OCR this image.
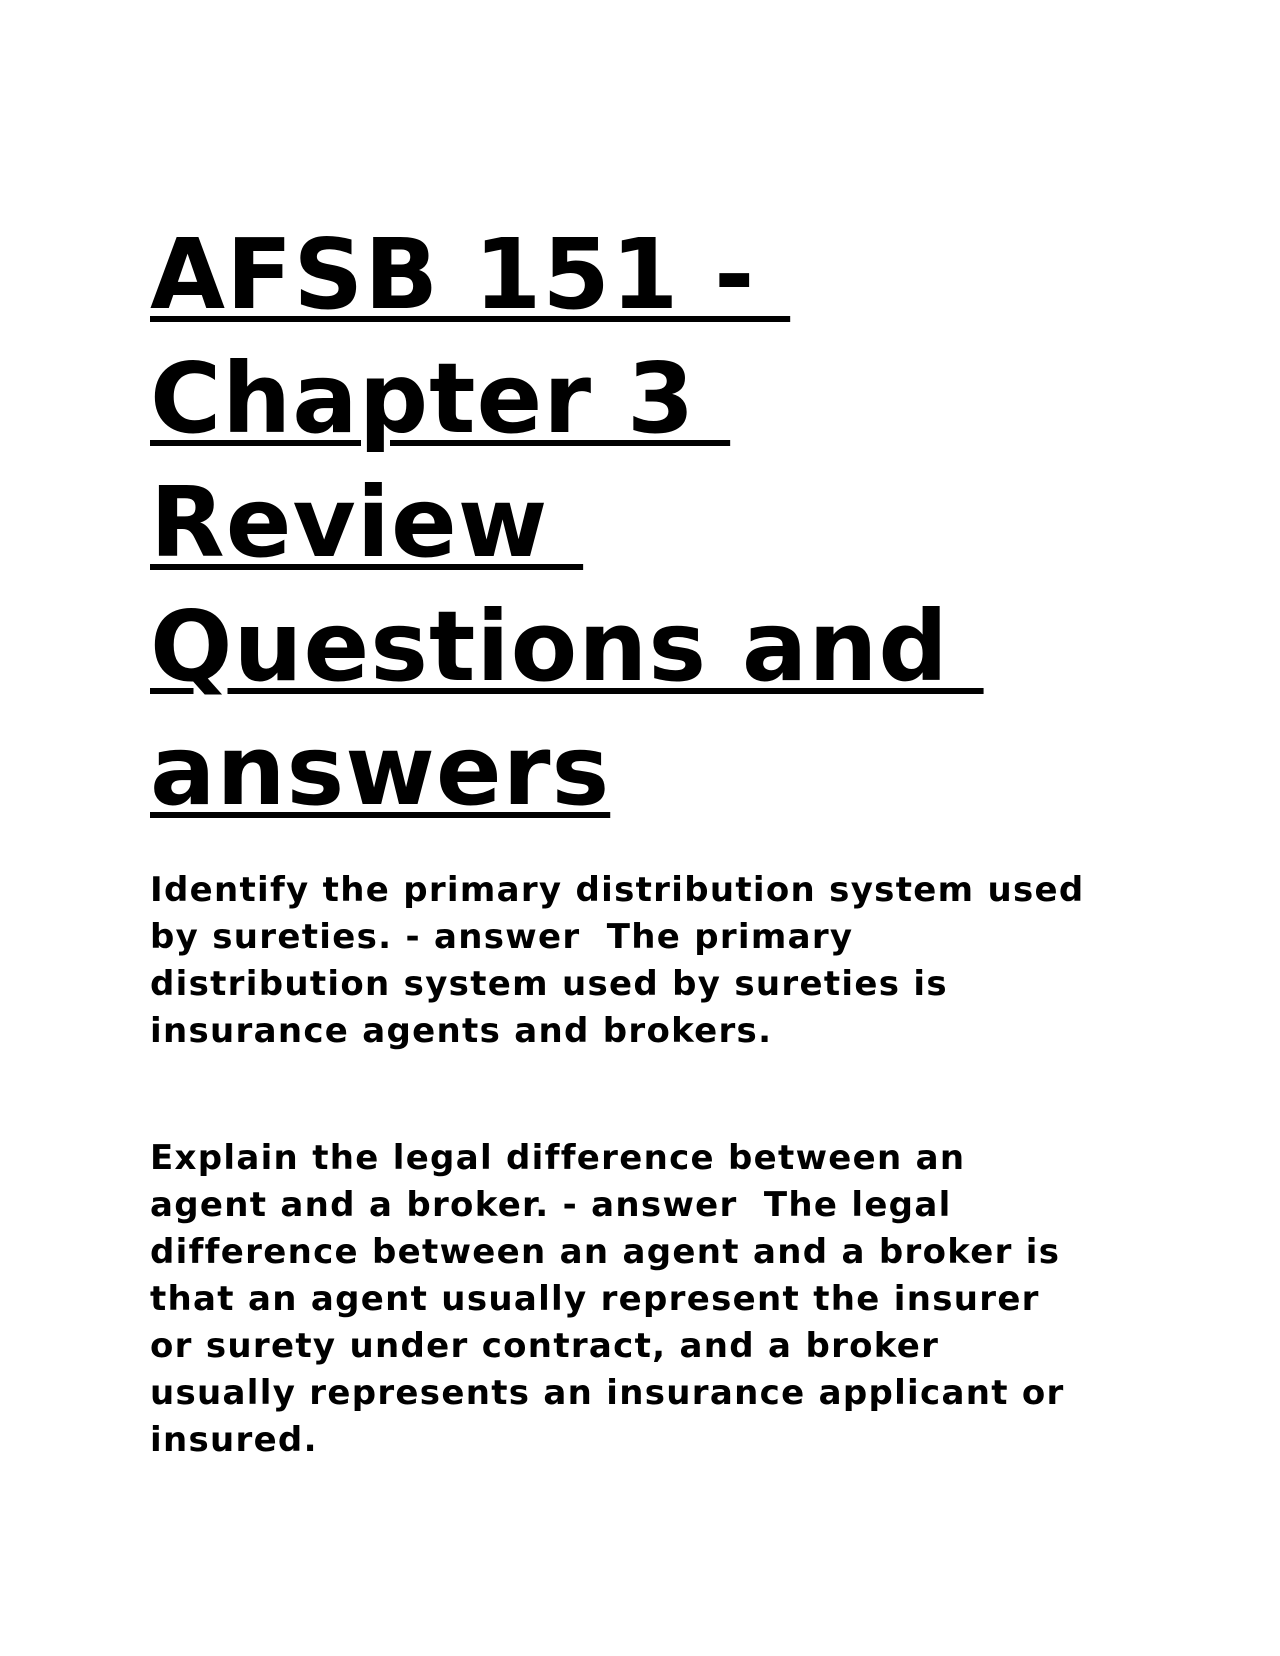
AFSB 151 -
Chapter 3
Review
Questions and
answers

Identify the primary distribution system used
by sureties. - answer  The primary
distribution system used by sureties is
insurance agents and brokers.

Explain the legal difference between an
agent and a broker. - answer  The legal
difference between an agent and a broker is
that an agent usually represent the insurer
or surety under contract, and a broker
usually represents an insurance applicant or
insured.
